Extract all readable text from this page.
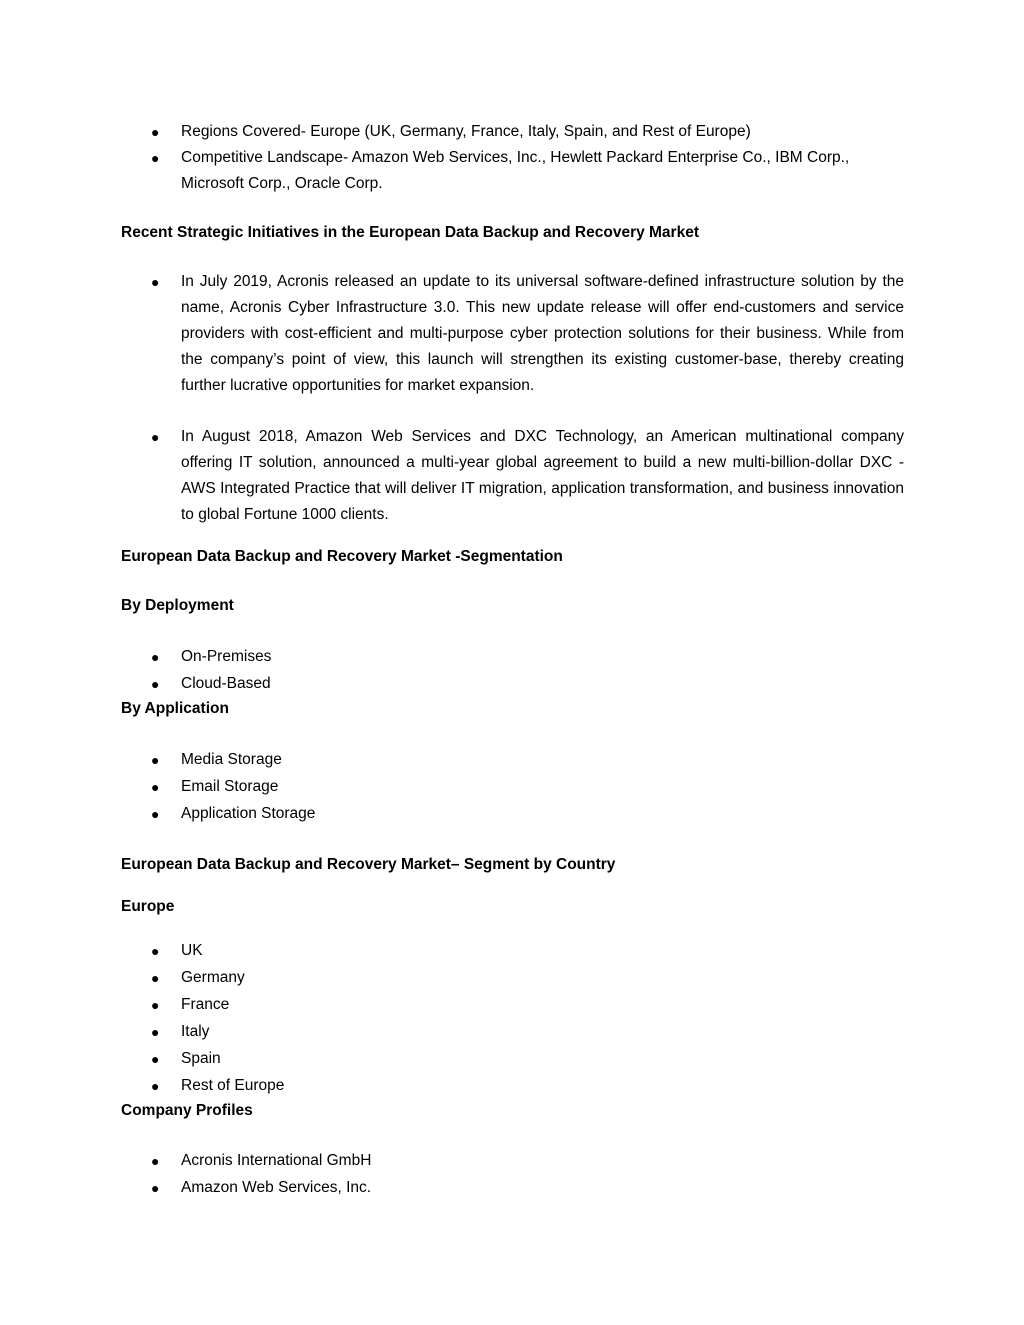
● Regions Covered- Europe (UK, Germany, France, Italy, Spain, and Rest of Europe)
● Competitive Landscape- Amazon Web Services, Inc., Hewlett Packard Enterprise Co., IBM Corp., Microsoft Corp., Oracle Corp.
Recent Strategic Initiatives in the European Data Backup and Recovery Market
● In July 2019, Acronis released an update to its universal software-defined infrastructure solution by the name, Acronis Cyber Infrastructure 3.0. This new update release will offer end-customers and service providers with cost-efficient and multi-purpose cyber protection solutions for their business. While from the company’s point of view, this launch will strengthen its existing customer-base, thereby creating further lucrative opportunities for market expansion.
● In August 2018, Amazon Web Services and DXC Technology, an American multinational company offering IT solution, announced a multi-year global agreement to build a new multi-billion-dollar DXC - AWS Integrated Practice that will deliver IT migration, application transformation, and business innovation to global Fortune 1000 clients.
European Data Backup and Recovery Market -Segmentation
By Deployment
● On-Premises
● Cloud-Based
By Application
● Media Storage
● Email Storage
● Application Storage
European Data Backup and Recovery Market– Segment by Country
Europe
● UK
● Germany
● France
● Italy
● Spain
● Rest of Europe
Company Profiles
● Acronis International GmbH
● Amazon Web Services, Inc.
